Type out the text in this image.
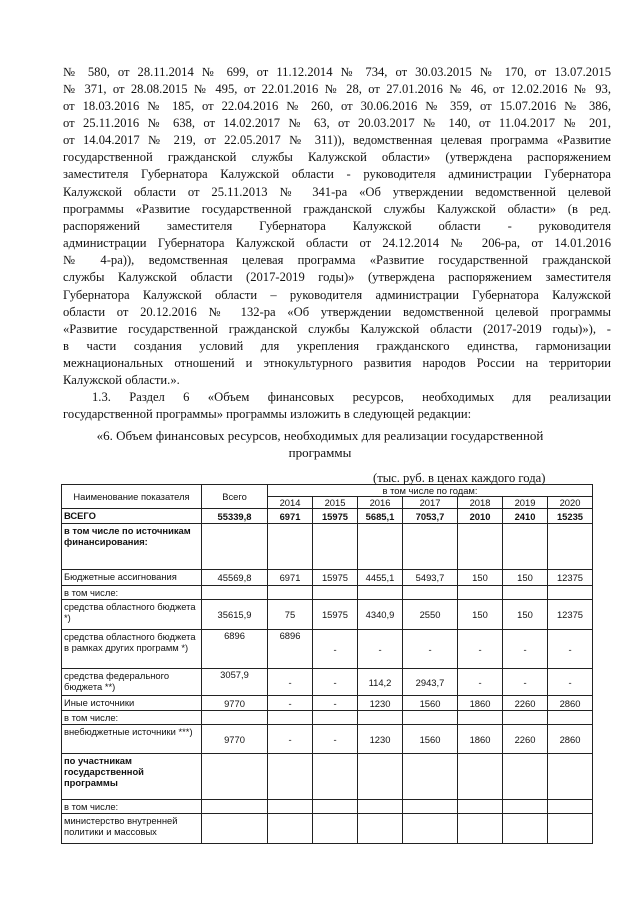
№ 580, от 28.11.2014 № 699, от 11.12.2014 № 734, от 30.03.2015 № 170, от 13.07.2015
№ 371, от 28.08.2015 № 495, от 22.01.2016 № 28, от 27.01.2016 № 46, от 12.02.2016 № 93,
от 18.03.2016 № 185, от 22.04.2016 № 260, от 30.06.2016 № 359, от 15.07.2016 № 386,
от 25.11.2016 № 638, от 14.02.2017 № 63, от 20.03.2017 № 140, от 11.04.2017 № 201,
от 14.04.2017 № 219, от 22.05.2017 № 311)), ведомственная целевая программа «Развитие
государственной гражданской службы Калужской области» (утверждена распоряжением
заместителя Губернатора Калужской области - руководителя администрации Губернатора
Калужской области от 25.11.2013 № 341-ра «Об утверждении ведомственной целевой
программы «Развитие государственной гражданской службы Калужской области» (в ред.
распоряжений заместителя Губернатора Калужской области - руководителя
администрации Губернатора Калужской области от 24.12.2014 № 206-ра, от 14.01.2016
№ 4-ра)), ведомственная целевая программа «Развитие государственной гражданской
службы Калужской области (2017-2019 годы)» (утверждена распоряжением заместителя
Губернатора Калужской области – руководителя администрации Губернатора Калужской
области от 20.12.2016 № 132-ра «Об утверждении ведомственной целевой программы
«Развитие государственной гражданской службы Калужской области (2017-2019 годы)»), -
в части создания условий для укрепления гражданского единства, гармонизации
межнациональных отношений и этнокультурного развития народов России на территории
Калужской области.».
1.3. Раздел 6 «Объем финансовых ресурсов, необходимых для реализации
государственной программы» программы изложить в следующей редакции:
«6. Объем финансовых ресурсов, необходимых для реализации государственной
программы
(тыс. руб. в ценах каждого года)
Наименование показателя	Всего	в том числе по годам:						
		2014	2015	2016	2017	2018	2019	2020
ВСЕГО	55339,8	6971	15975	5685,1	7053,7	2010	2410	15235
в том числе по источникам финансирования:								
Бюджетные ассигнования	45569,8	6971	15975	4455,1	5493,7	150	150	12375
в том числе:								
средства областного бюджета *)	35615,9	75	15975	4340,9	2550	150	150	12375
средства областного бюджета в рамках других программ *)	6896	6896	-	-	-	-	-	-
средства федерального бюджета **)	3057,9	-	-	114,2	2943,7	-	-	-
Иные источники	9770	-	-	1230	1560	1860	2260	2860
в том числе:								
внебюджетные источники ***)	9770	-	-	1230	1560	1860	2260	2860
по участникам государственной программы								
в том числе:								
министерство внутренней политики и массовых								
